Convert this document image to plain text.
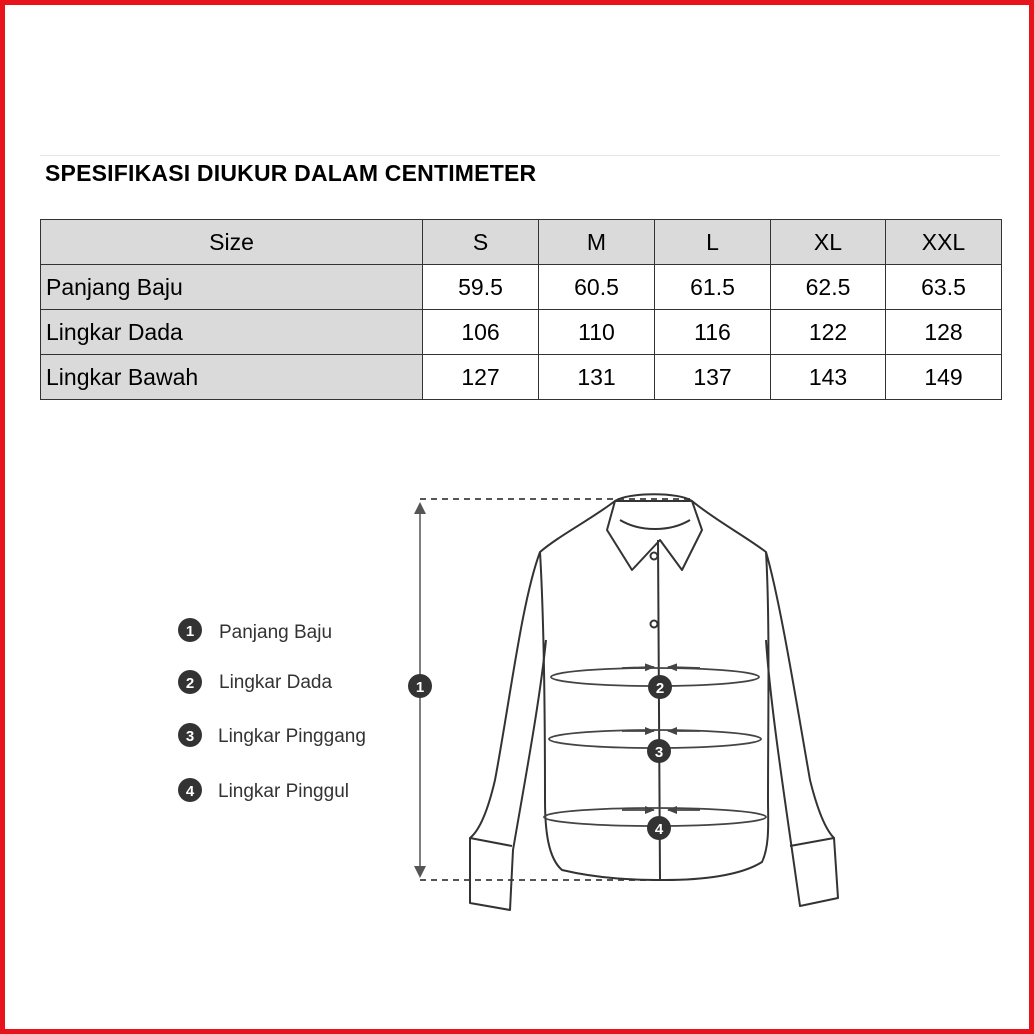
SPESIFIKASI DIUKUR DALAM CENTIMETER
Size	S	M	L	XL	XXL
Panjang Baju	59.5	60.5	61.5	62.5	63.5
Lingkar Dada	106	110	116	122	128
Lingkar Bawah	127	131	137	143	149
1 Panjang Baju
2 Lingkar Dada
3 Lingkar Pinggang
4 Lingkar Pinggul
1	2
3
4
